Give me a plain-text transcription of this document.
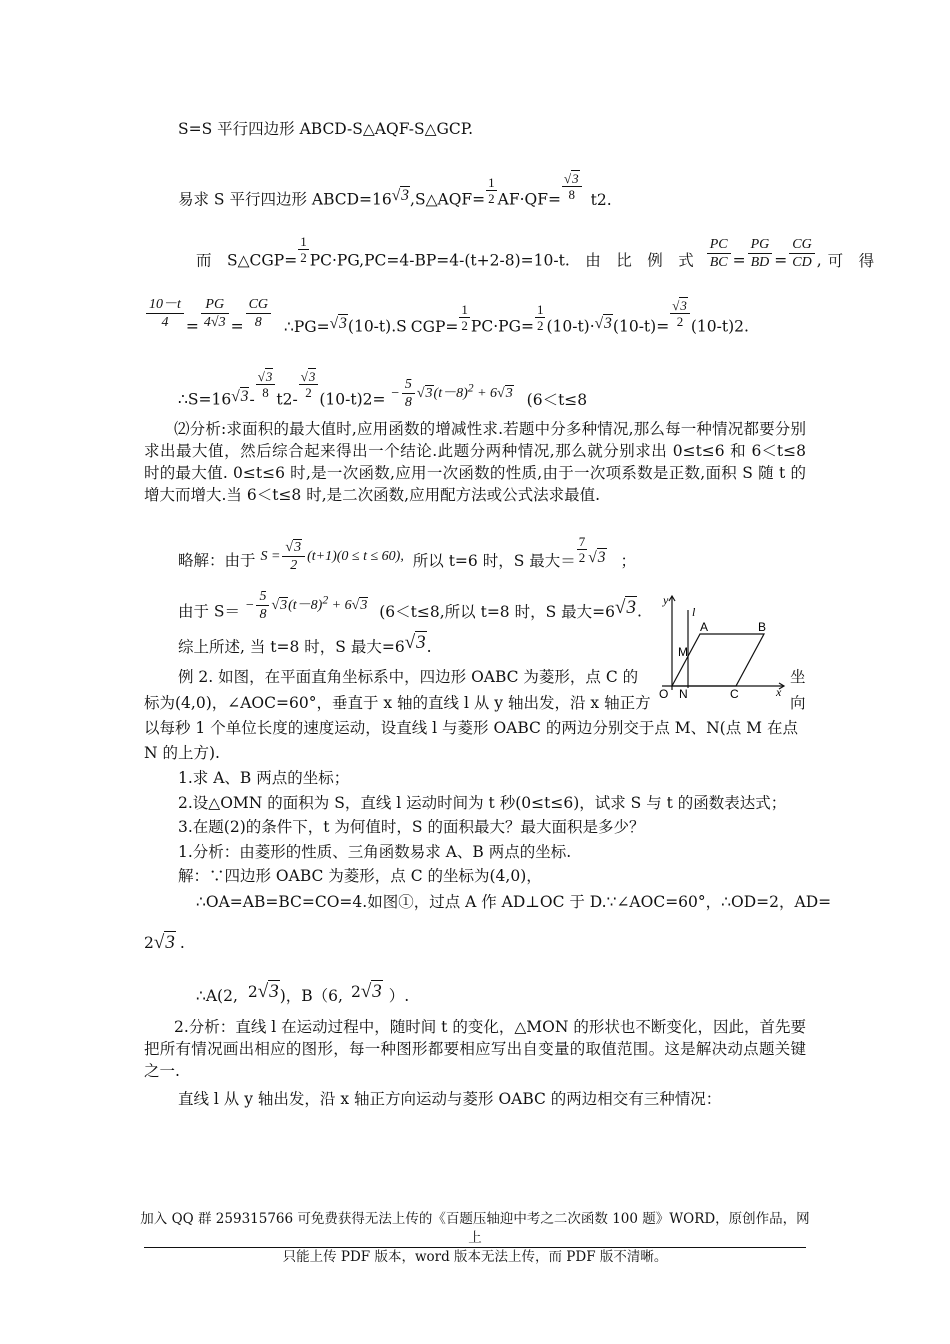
S=S 平行四边形 ABCD-S△AQF-S△GCP.
易求 S 平行四边形 ABCD=16√3,S△AQF= $\frac{1}{2} AF\cdot QF= \frac{√3}{8} t2$.
而　S△CGP= $\frac{1}{2} PC\cdot PG,PC=4-BP=4-(t+2-8)=10-t$.　由　比　例　式 $\frac{PC}{BC} = \frac{PG}{BD} = \frac{CG}{CD}$ , 可　得
$\frac{10-t}{4} = \frac{PG}{4√3} = \frac{CG}{8}$ ∴PG=√3(10-t).S $CGP= \frac{1}{2} PC\cdot PG= \frac{1}{2} (10-t)\cdot√3(10-t)= \frac{√3}{2} (10-t)2$.
∴S=16√3- $\frac{√3}{8} t2- \frac{√3}{2} (10-t)2= - \frac{5}{8} √3(t-8)^2 + 6√3$ (6＜t≤8
⑵分析:求面积的最大值时,应用函数的增减性求.若题中分多种情况,那么每一种情况都要分别求出最大值，然后综合起来得出一个结论.此题分两种情况,那么就分别求出 0≤t≤6 和 6＜t≤8 时的最大值. 0≤t≤6 时,是一次函数,应用一次函数的性质,由于一次项系数是正数,面积 S 随 t 的增大而增大.当 6＜t≤8 时,是二次函数,应用配方法或公式法求最值.
略解：由于 $S = \frac{√3}{2} (t+1)(0 \le t \le 60)$, 所以 t=6 时，S 最大＝ $\frac{7}{2} √3$ ；
由于 $S= - \frac{5}{8} √3(t-8)^2 + 6√3$ (6＜t≤8,所以 t=8 时，S 最大=6√3.
综上所述, 当 t=8 时，S 最大=6√3.
例 2. 如图，在平面直角坐标系中，四边形 OABC 为菱形，点 C 的	坐
标为(4,0)，∠AOC=60°，垂直于 x 轴的直线 l 从 y 轴出发，沿 x 轴正方	向
以每秒 1 个单位长度的速度运动，设直线 l 与菱形 OABC 的两边分别交于点 M、N(点 M 在点
N 的上方).
1.求 A、B 两点的坐标；
2.设△OMN 的面积为 S，直线 l 运动时间为 t 秒(0≤t≤6)，试求 S 与 t 的函数表达式；
3.在题(2)的条件下，t 为何值时，S 的面积最大？最大面积是多少？
1.分析：由菱形的性质、三角函数易求 A、B 两点的坐标.
解：∵四边形 OABC 为菱形，点 C 的坐标为(4,0)，
∴OA=AB=BC=CO=4.如图①，过点 A 作 AD⊥OC 于 D.∵∠AOC=60°，∴OD=2，AD=
2√3 .
∴A(2, 2√3)，B（6, 2√3 ）.
2.分析：直线 l 在运动过程中，随时间 t 的变化，△MON 的形状也不断变化，因此，首先要把所有情况画出相应的图形，每一种图形都要相应写出自变量的取值范围。这是解决动点题关键之一.
直线 l 从 y 轴出发，沿 x 轴正方向运动与菱形 OABC 的两边相交有三种情况：
y
x
l
A	B
M
O N	C
加入 QQ 群 259315766 可免费获得无法上传的《百题压轴迎中考之二次函数 100 题》WORD，原创作品，网上
只能上传 PDF 版本，word 版本无法上传，而 PDF 版不清晰。
